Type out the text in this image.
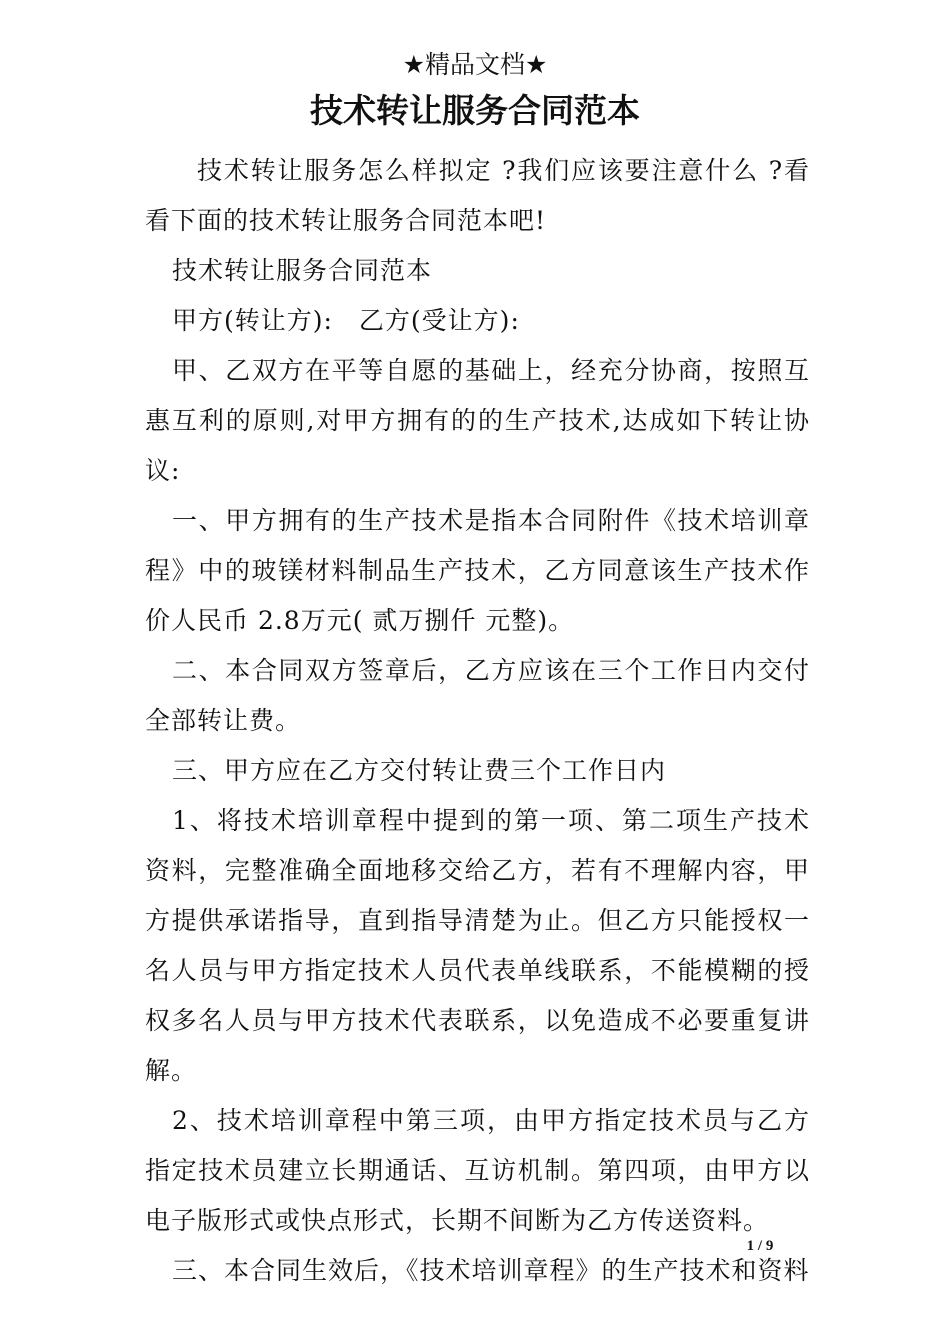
★精品文档★
技术转让服务合同范本

技术转让服务怎么样拟定 ?我们应该要注意什么 ?看看下面的技术转让服务合同范本吧!

技术转让服务合同范本

甲方(转让方):　乙方(受让方):

甲、乙双方在平等自愿的基础上，经充分协商，按照互惠互利的原则,对甲方拥有的的生产技术,达成如下转让协议:

一、甲方拥有的生产技术是指本合同附件《技术培训章程》中的玻镁材料制品生产技术，乙方同意该生产技术作价人民币 2.8万元( 贰万捌仟 元整)。

二、本合同双方签章后，乙方应该在三个工作日内交付全部转让费。

三、甲方应在乙方交付转让费三个工作日内

1、将技术培训章程中提到的第一项、第二项生产技术资料，完整准确全面地移交给乙方，若有不理解内容，甲方提供承诺指导，直到指导清楚为止。但乙方只能授权一名人员与甲方指定技术人员代表单线联系，不能模糊的授权多名人员与甲方技术代表联系，以免造成不必要重复讲解。

2、技术培训章程中第三项，由甲方指定技术员与乙方指定技术员建立长期通话、互访机制。第四项，由甲方以电子版形式或快点形式，长期不间断为乙方传送资料。

三、本合同生效后，《技术培训章程》的生产技术和资料

1 / 9
